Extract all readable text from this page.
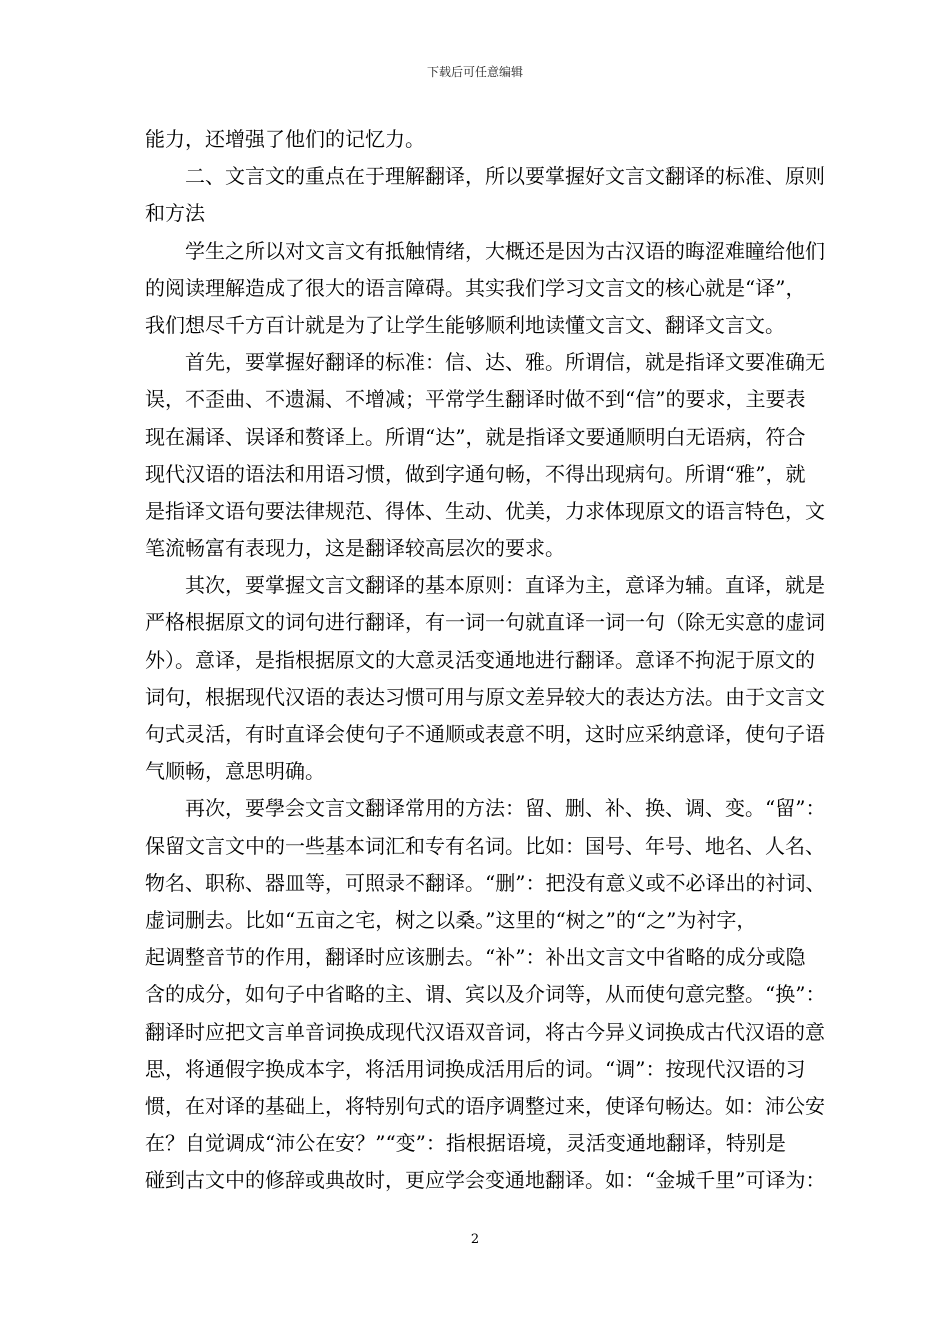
下载后可任意编辑
能力，还增强了他们的记忆力。
二、文言文的重点在于理解翻译，所以要掌握好文言文翻译的标准、原则
和方法
学生之所以对文言文有抵触情绪，大概还是因为古汉语的晦涩难瞳给他们
的阅读理解造成了很大的语言障碍。其实我们学习文言文的核心就是“译”，
我们想尽千方百计就是为了让学生能够顺利地读懂文言文、翻译文言文。
首先，要掌握好翻译的标准：信、达、雅。所谓信，就是指译文要准确无
误，不歪曲、不遗漏、不增减；平常学生翻译时做不到“信”的要求，主要表
现在漏译、误译和赘译上。所谓“达”，就是指译文要通顺明白无语病，符合
现代汉语的语法和用语习惯，做到字通句畅，不得出现病句。所谓“雅”，就
是指译文语句要法律规范、得体、生动、优美，力求体现原文的语言特色，文
笔流畅富有表现力，这是翻译较高层次的要求。
其次，要掌握文言文翻译的基本原则：直译为主，意译为辅。直译，就是
严格根据原文的词句进行翻译，有一词一句就直译一词一句（除无实意的虚词
外）。意译，是指根据原文的大意灵活变通地进行翻译。意译不拘泥于原文的
词句，根据现代汉语的表达习惯可用与原文差异较大的表达方法。由于文言文
句式灵活，有时直译会使句子不通顺或表意不明，这时应采纳意译，使句子语
气顺畅，意思明确。
再次，要學会文言文翻译常用的方法：留、删、补、换、调、变。“留”：
保留文言文中的一些基本词汇和专有名词。比如：国号、年号、地名、人名、
物名、职称、器皿等，可照录不翻译。“删”：把没有意义或不必译出的衬词、
虚词删去。比如“五亩之宅，树之以桑。”这里的“树之”的“之”为衬字，
起调整音节的作用，翻译时应该删去。“补”：补出文言文中省略的成分或隐
含的成分，如句子中省略的主、谓、宾以及介词等，从而使句意完整。“换”：
翻译时应把文言单音词换成现代汉语双音词，将古今异义词换成古代汉语的意
思，将通假字换成本字，将活用词换成活用后的词。“调”：按现代汉语的习
惯，在对译的基础上，将特别句式的语序调整过来，使译句畅达。如：沛公安
在？自觉调成“沛公在安？”“变”：指根据语境，灵活变通地翻译，特别是
碰到古文中的修辞或典故时，更应学会变通地翻译。如：“金城千里”可译为：
2
